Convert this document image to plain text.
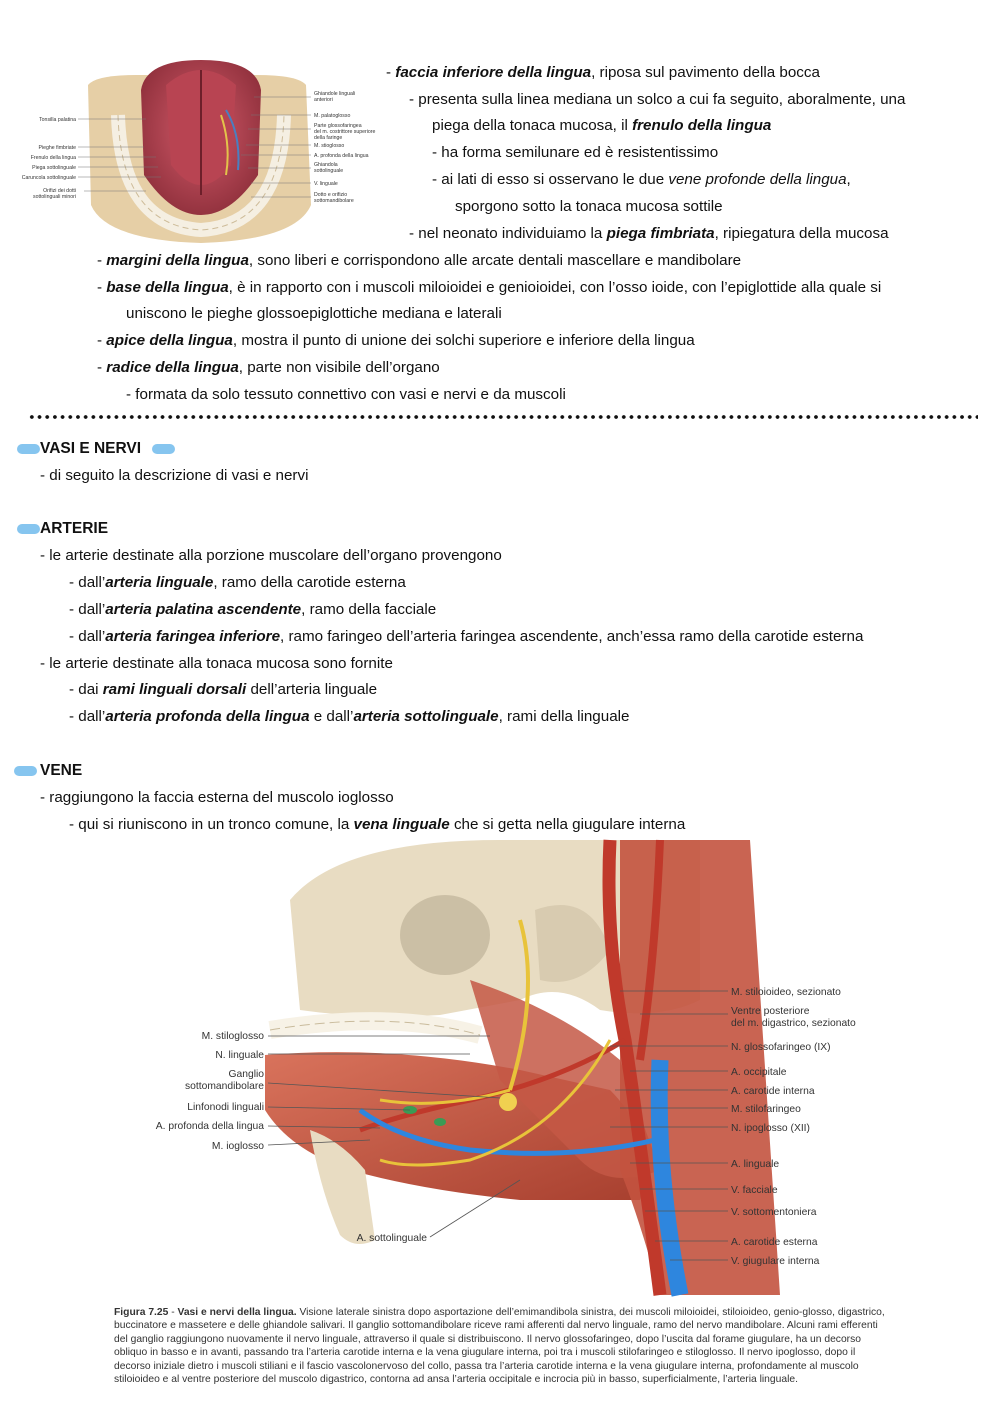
Tonsilla palatina
Pieghe fimbriate
Frenulo della lingua
Piega sottolinguale
Caruncola sottolinguale
Orifizi dei dotti
sottolinguali minori
Ghiandole linguali
anteriori
M. palatoglosso
Parte glossofaringea
del m. costrittore superiore
della faringe
M. stioglosso
A. profonda della lingua
Ghiandola
sottolinguale
V. linguale
Dotto e orifizio
sottomandibolare
- faccia inferiore della lingua, riposa sul pavimento della bocca
- presenta sulla linea mediana un solco a cui fa seguito, aboralmente, una
piega della tonaca mucosa, il frenulo della lingua
- ha forma semilunare ed è resistentissimo
- ai lati di esso si osservano le due vene profonde della lingua,
sporgono sotto la tonaca mucosa sottile
- nel neonato individuiamo la piega fimbriata, ripiegatura della mucosa
- margini della lingua, sono liberi e corrispondono alle arcate dentali mascellare e mandibolare
- base della lingua, è in rapporto con i muscoli miloioidei e genioioidei, con l’osso ioide, con l’epiglottide alla quale si
uniscono le pieghe glossoepiglottiche mediana e laterali
- apice della lingua, mostra il punto di unione dei solchi superiore e inferiore della lingua
- radice della lingua, parte non visibile dell’organo
- formata da solo tessuto connettivo con vasi e nervi e da muscoli
VASI E NERVI
- di seguito la descrizione di vasi e nervi
ARTERIE
- le arterie destinate alla porzione muscolare dell’organo provengono
- dall’arteria linguale, ramo della carotide esterna
- dall’arteria palatina ascendente, ramo della facciale
- dall’arteria faringea inferiore, ramo faringeo dell’arteria faringea ascendente, anch’essa ramo della carotide esterna
- le arterie destinate alla tonaca mucosa sono fornite
- dai rami linguali dorsali dell’arteria linguale
- dall’arteria profonda della lingua e dall’arteria sottolinguale, rami della linguale
VENE
- raggiungono la faccia esterna del muscolo ioglosso
- qui si riuniscono in un tronco comune, la vena linguale che si getta nella giugulare interna
M. stiloglosso
N. linguale
Ganglio
sottomandibolare
Linfonodi linguali
A. profonda della lingua
M. ioglosso
A. sottolinguale
M. stiloioideo, sezionato
Ventre posteriore
del m. digastrico, sezionato
N. glossofaringeo (IX)
A. occipitale
A. carotide interna
M. stilofaringeo
N. ipoglosso (XII)
A. linguale
V. facciale
V. sottomentoniera
A. carotide esterna
V. giugulare interna
Figura 7.25 - Vasi e nervi della lingua. Visione laterale sinistra dopo asportazione dell’emimandibola sinistra, dei muscoli miloioidei, stiloioideo, genio-glosso, digastrico, buccinatore e massetere e delle ghiandole salivari. Il ganglio sottomandibolare riceve rami afferenti dal nervo linguale, ramo del nervo mandibolare. Alcuni rami efferenti del ganglio raggiungono nuovamente il nervo linguale, attraverso il quale si distribuiscono. Il nervo glossofaringeo, dopo l’uscita dal forame giugulare, ha un decorso obliquo in basso e in avanti, passando tra l’arteria carotide interna e la vena giugulare interna, poi tra i muscoli stilofaringeo e stiloglosso. Il nervo ipoglosso, dopo il decorso iniziale dietro i muscoli stiliani e il fascio vascolonervoso del collo, passa tra l’arteria carotide interna e la vena giugulare interna, profondamente al muscolo stiloioideo e al ventre posteriore del muscolo digastrico, contorna ad ansa l’arteria occipitale e incrocia più in basso, superficialmente, l’arteria linguale.
